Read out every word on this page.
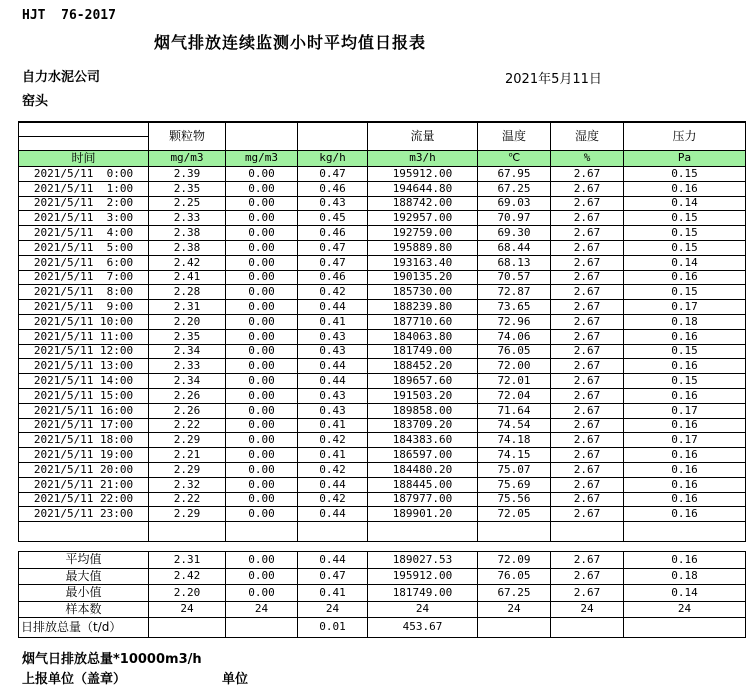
HJT  76-2017
烟气排放连续监测小时平均值日报表
自力水泥公司	2021年5月11日
窑头
	颗粒物			流量	温度	湿度	压力

时间	mg/m3	mg/m3	kg/h	m3/h	℃	%	Pa
2021/5/11  0:00	2.39	0.00	0.47	195912.00	67.95	2.67	0.15
2021/5/11  1:00	2.35	0.00	0.46	194644.80	67.25	2.67	0.16
2021/5/11  2:00	2.25	0.00	0.43	188742.00	69.03	2.67	0.14
2021/5/11  3:00	2.33	0.00	0.45	192957.00	70.97	2.67	0.15
2021/5/11  4:00	2.38	0.00	0.46	192759.00	69.30	2.67	0.15
2021/5/11  5:00	2.38	0.00	0.47	195889.80	68.44	2.67	0.15
2021/5/11  6:00	2.42	0.00	0.47	193163.40	68.13	2.67	0.14
2021/5/11  7:00	2.41	0.00	0.46	190135.20	70.57	2.67	0.16
2021/5/11  8:00	2.28	0.00	0.42	185730.00	72.87	2.67	0.15
2021/5/11  9:00	2.31	0.00	0.44	188239.80	73.65	2.67	0.17
2021/5/11 10:00	2.20	0.00	0.41	187710.60	72.96	2.67	0.18
2021/5/11 11:00	2.35	0.00	0.43	184063.80	74.06	2.67	0.16
2021/5/11 12:00	2.34	0.00	0.43	181749.00	76.05	2.67	0.15
2021/5/11 13:00	2.33	0.00	0.44	188452.20	72.00	2.67	0.16
2021/5/11 14:00	2.34	0.00	0.44	189657.60	72.01	2.67	0.15
2021/5/11 15:00	2.26	0.00	0.43	191503.20	72.04	2.67	0.16
2021/5/11 16:00	2.26	0.00	0.43	189858.00	71.64	2.67	0.17
2021/5/11 17:00	2.22	0.00	0.41	183709.20	74.54	2.67	0.16
2021/5/11 18:00	2.29	0.00	0.42	184383.60	74.18	2.67	0.17
2021/5/11 19:00	2.21	0.00	0.41	186597.00	74.15	2.67	0.16
2021/5/11 20:00	2.29	0.00	0.42	184480.20	75.07	2.67	0.16
2021/5/11 21:00	2.32	0.00	0.44	188445.00	75.69	2.67	0.16
2021/5/11 22:00	2.22	0.00	0.42	187977.00	75.56	2.67	0.16
2021/5/11 23:00	2.29	0.00	0.44	189901.20	72.05	2.67	0.16

平均值	2.31	0.00	0.44	189027.53	72.09	2.67	0.16
最大值	2.42	0.00	0.47	195912.00	76.05	2.67	0.18
最小值	2.20	0.00	0.41	181749.00	67.25	2.67	0.14
样本数	24	24	24	24	24	24	24
日排放总量（t/d）			0.01	453.67			
烟气日排放总量*10000m3/h
上报单位（盖章）	单位
